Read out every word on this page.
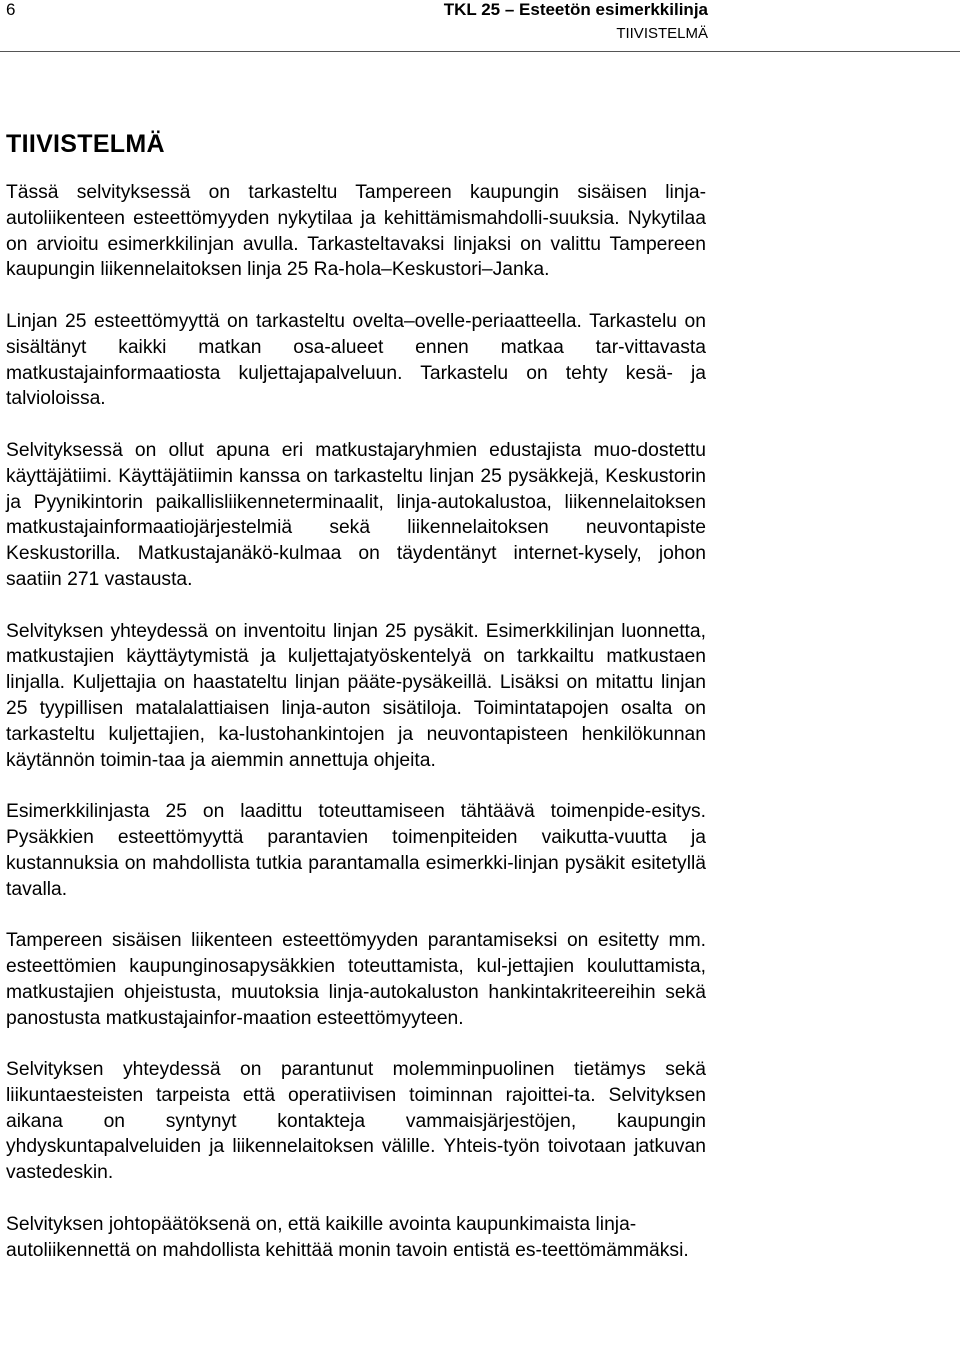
6	TKL 25 – Esteetön esimerkkilinja
TIIVISTELMÄ
TIIVISTELMÄ

Tässä selvityksessä on tarkasteltu Tampereen kaupungin sisäisen linja-autoliikenteen esteettömyyden nykytilaa ja kehittämismahdolli-suuksia. Nykytilaa on arvioitu esimerkkilinjan avulla. Tarkasteltavaksi linjaksi on valittu Tampereen kaupungin liikennelaitoksen linja 25 Ra-hola–Keskustori–Janka.

Linjan 25 esteettömyyttä on tarkasteltu ovelta–ovelle-periaatteella. Tarkastelu on sisältänyt kaikki matkan osa-alueet ennen matkaa tar-vittavasta matkustajainformaatiosta kuljettajapalveluun. Tarkastelu on tehty kesä- ja talvioloissa.

Selvityksessä on ollut apuna eri matkustajaryhmien edustajista muo-dostettu käyttäjätiimi. Käyttäjätiimin kanssa on tarkasteltu linjan 25 pysäkkejä, Keskustorin ja Pyynikintorin paikallisliikenneterminaalit, linja-autokalustoa, liikennelaitoksen matkustajainformaatiojärjestelmiä sekä liikennelaitoksen neuvontapiste Keskustorilla. Matkustajanäkö-kulmaa on täydentänyt internet-kysely, johon saatiin 271 vastausta.

Selvityksen yhteydessä on inventoitu linjan 25 pysäkit. Esimerkkilinjan luonnetta, matkustajien käyttäytymistä ja kuljettajatyöskentelyä on tarkkailtu matkustaen linjalla. Kuljettajia on haastateltu linjan pääte-pysäkeillä. Lisäksi on mitattu linjan 25 tyypillisen matalalattiaisen linja-auton sisätiloja. Toimintatapojen osalta on tarkasteltu kuljettajien, ka-lustohankintojen ja neuvontapisteen henkilökunnan käytännön toimin-taa ja aiemmin annettuja ohjeita.

Esimerkkilinjasta 25 on laadittu toteuttamiseen tähtäävä toimenpide-esitys. Pysäkkien esteettömyyttä parantavien toimenpiteiden vaikutta-vuutta ja kustannuksia on mahdollista tutkia parantamalla esimerkki-linjan pysäkit esitetyllä tavalla.

Tampereen sisäisen liikenteen esteettömyyden parantamiseksi on esitetty mm. esteettömien kaupunginosapysäkkien toteuttamista, kul-jettajien kouluttamista, matkustajien ohjeistusta, muutoksia linja-autokaluston hankintakriteereihin sekä panostusta matkustajainfor-maation esteettömyyteen.

Selvityksen yhteydessä on parantunut molemminpuolinen tietämys sekä liikuntaesteisten tarpeista että operatiivisen toiminnan rajoittei-ta. Selvityksen aikana on syntynyt kontakteja vammaisjärjestöjen, kaupungin yhdyskuntapalveluiden ja liikennelaitoksen välille. Yhteis-työn toivotaan jatkuvan vastedeskin.

Selvityksen johtopäätöksenä on, että kaikille avointa kaupunkimaista linja-autoliikennettä on mahdollista kehittää monin tavoin entistä es-teettömämmäksi.
